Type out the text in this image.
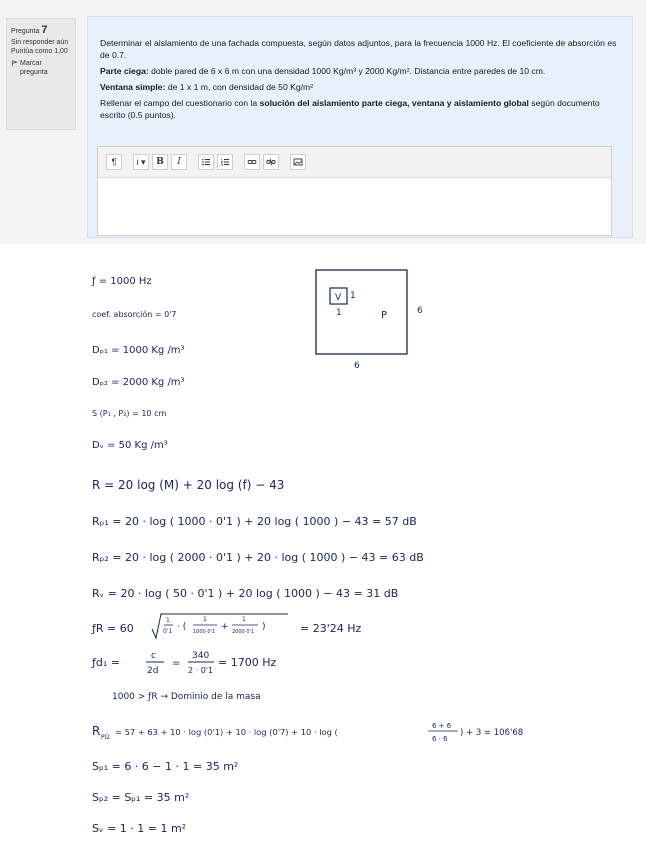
Pregunta 7
Sin responder aún
Puntúa como 1,00
Marcar pregunta

Determinar el aislamiento de una fachada compuesta, según datos adjuntos, para la frecuencia 1000 Hz. El coeficiente de absorción es de 0.7.

Parte ciega: doble pared de 6 x 6 m con una densidad 1000 Kg/m³ y 2000 Kg/m². Distancia entre paredes de 10 cm.

Ventana simple: de 1 x 1 m, con densidad de 50 Kg/m²

Rellenar el campo del cuestionario con la solución del aislamiento parte ciega, ventana y aislamiento global según documento escrito (0.5 puntos).

¶	i ▾	B	I
V 1
1	P	6
6
ƒ = 1000 Hz
coef. absorción = 0'7
Dₚ₁ = 1000 Kg /m³
Dₚ₂ = 2000 Kg /m³
S (P₁ , P₂) = 10 cm
Dᵥ = 50 Kg /m³
R = 20 log (M) + 20 log (f) − 43
Rₚ₁ = 20 · log ( 1000 · 0'1 ) + 20 log ( 1000 ) − 43 = 57 dB
Rₚ₂ = 20 · log ( 2000 · 0'1 ) + 20 · log ( 1000 ) − 43 = 63 dB
Rᵥ = 20 · log ( 50 · 0'1 ) + 20 log ( 1000 ) − 43 = 31 dB
ƒR = 60
1
0'1 · (
1
1000·0'1 +
1
2000·0'1 )	= 23'24 Hz
ƒd₁ =	c
2d
=
340
2 · 0'1
= 1700 Hz
1000 > ƒR → Dominio de la masa
R Pl2
= 57 + 63 + 10 · log (0'1) + 10 · log (0'7) + 10 · log (
6 + 6
6 · 6
) + 3 = 106'68
Sₚ₁ = 6 · 6 − 1 · 1 = 35 m²
Sₚ₂ = Sₚ₁ = 35 m²
Sᵥ = 1 · 1 = 1 m²
